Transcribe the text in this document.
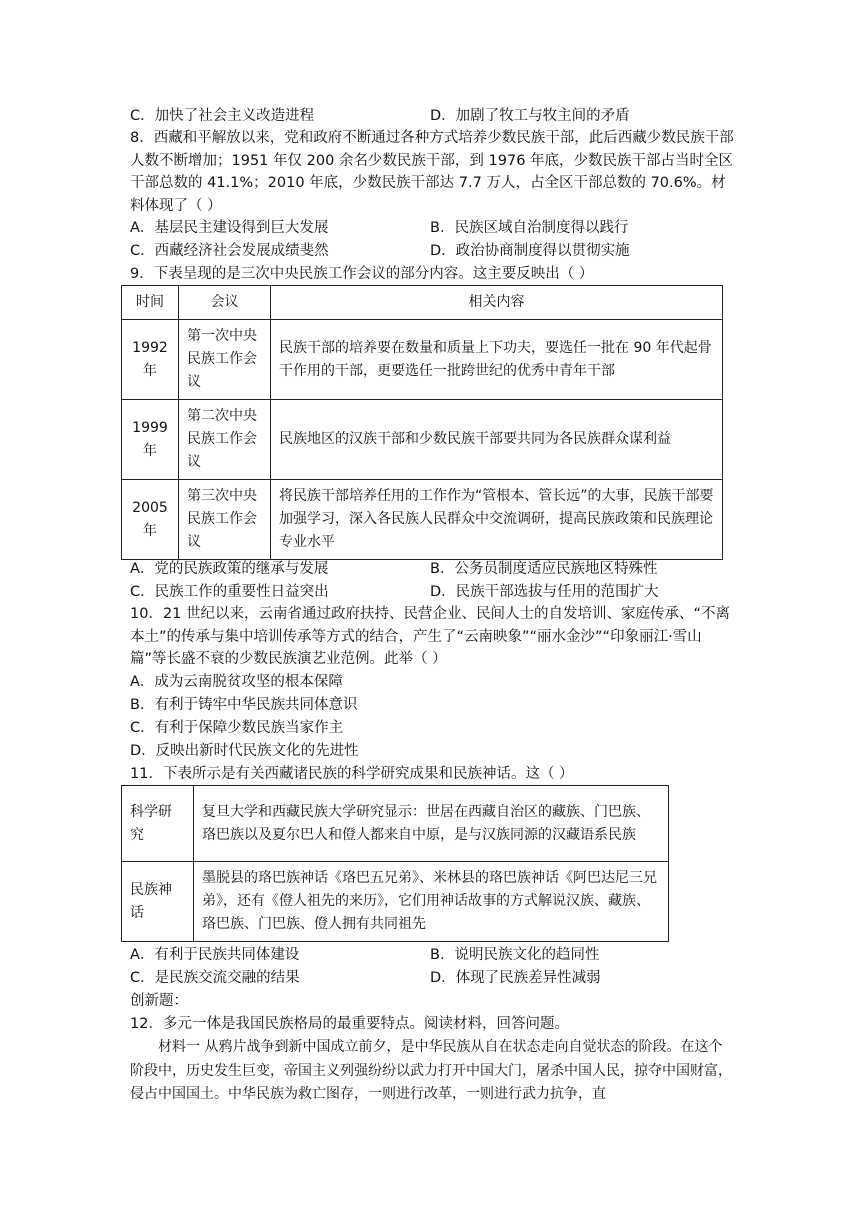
C．加快了社会主义改造进程	D．加剧了牧工与牧主间的矛盾
8．西藏和平解放以来，党和政府不断通过各种方式培养少数民族干部，此后西藏少数民族干部人数不断增加；1951 年仅 200 余名少数民族干部，到 1976 年底，少数民族干部占当时全区干部总数的 41.1%；2010 年底，少数民族干部达 7.7 万人，占全区干部总数的 70.6%。材料体现了（ ）
A．基层民主建设得到巨大发展	B．民族区域自治制度得以践行
C．西藏经济社会发展成绩斐然	D．政治协商制度得以贯彻实施
9．下表呈现的是三次中央民族工作会议的部分内容。这主要反映出（ ）
时间	会议	相关内容
1992 年	第一次中央民族工作会议	民族干部的培养要在数量和质量上下功夫，要选任一批在 90 年代起骨干作用的干部，更要选任一批跨世纪的优秀中青年干部
1999 年	第二次中央民族工作会议	民族地区的汉族干部和少数民族干部要共同为各民族群众谋利益
2005 年	第三次中央民族工作会议	将民族干部培养任用的工作作为“管根本、管长远”的大事，民族干部要加强学习，深入各民族人民群众中交流调研，提高民族政策和民族理论专业水平
A．党的民族政策的继承与发展	B．公务员制度适应民族地区特殊性
C．民族工作的重要性日益突出	D．民族干部选拔与任用的范围扩大
10．21 世纪以来，云南省通过政府扶持、民营企业、民间人士的自发培训、家庭传承、“不离本土”的传承与集中培训传承等方式的结合，产生了“云南映象”“丽水金沙”“印象丽江·雪山篇”等长盛不衰的少数民族演艺业范例。此举（ ）
A．成为云南脱贫攻坚的根本保障
B．有利于铸牢中华民族共同体意识
C．有利于保障少数民族当家作主
D．反映出新时代民族文化的先进性
11．下表所示是有关西藏诸民族的科学研究成果和民族神话。这（ ）
科学研究	复旦大学和西藏民族大学研究显示：世居在西藏自治区的藏族、门巴族、珞巴族以及夏尔巴人和僜人都来自中原，是与汉族同源的汉藏语系民族
民族神话	墨脱县的珞巴族神话《珞巴五兄弟》、米林县的珞巴族神话《阿巴达尼三兄弟》，还有《僜人祖先的来历》，它们用神话故事的方式解说汉族、藏族、珞巴族、门巴族、僜人拥有共同祖先
A．有利于民族共同体建设	B．说明民族文化的趋同性
C．是民族交流交融的结果	D．体现了民族差异性减弱
创新题：
12．多元一体是我国民族格局的最重要特点。阅读材料，回答问题。
材料一 从鸦片战争到新中国成立前夕，是中华民族从自在状态走向自觉状态的阶段。在这个阶段中，历史发生巨变，帝国主义列强纷纷以武力打开中国大门，屠杀中国人民，掠夺中国财富，侵占中国国土。中华民族为救亡图存，一则进行改革，一则进行武力抗争，直
